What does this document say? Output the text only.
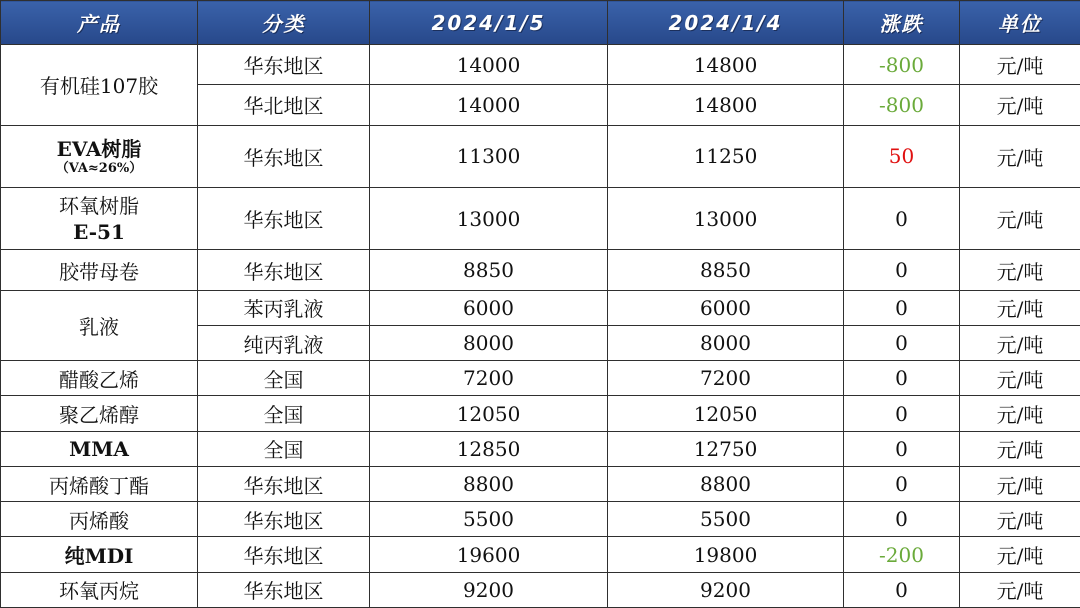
产品	分类	2024/1/5	2024/1/4	涨跌	单位
有机硅107胶	华东地区	14000	14800	-800	元/吨
	华北地区	14000	14800	-800	元/吨

EVA树脂
（VA≈26%）	华东地区	11300	11250	50	元/吨

环氧树脂
E-51	华东地区	13000	13000	0	元/吨
胶带母卷	华东地区	8850	8850	0	元/吨
乳液	苯丙乳液	6000	6000	0	元/吨
	纯丙乳液	8000	8000	0	元/吨
醋酸乙烯	全国	7200	7200	0	元/吨
聚乙烯醇	全国	12050	12050	0	元/吨
MMA	全国	12850	12750	0	元/吨
丙烯酸丁酯	华东地区	8800	8800	0	元/吨
丙烯酸	华东地区	5500	5500	0	元/吨
纯MDI	华东地区	19600	19800	-200	元/吨
环氧丙烷	华东地区	9200	9200	0	元/吨
